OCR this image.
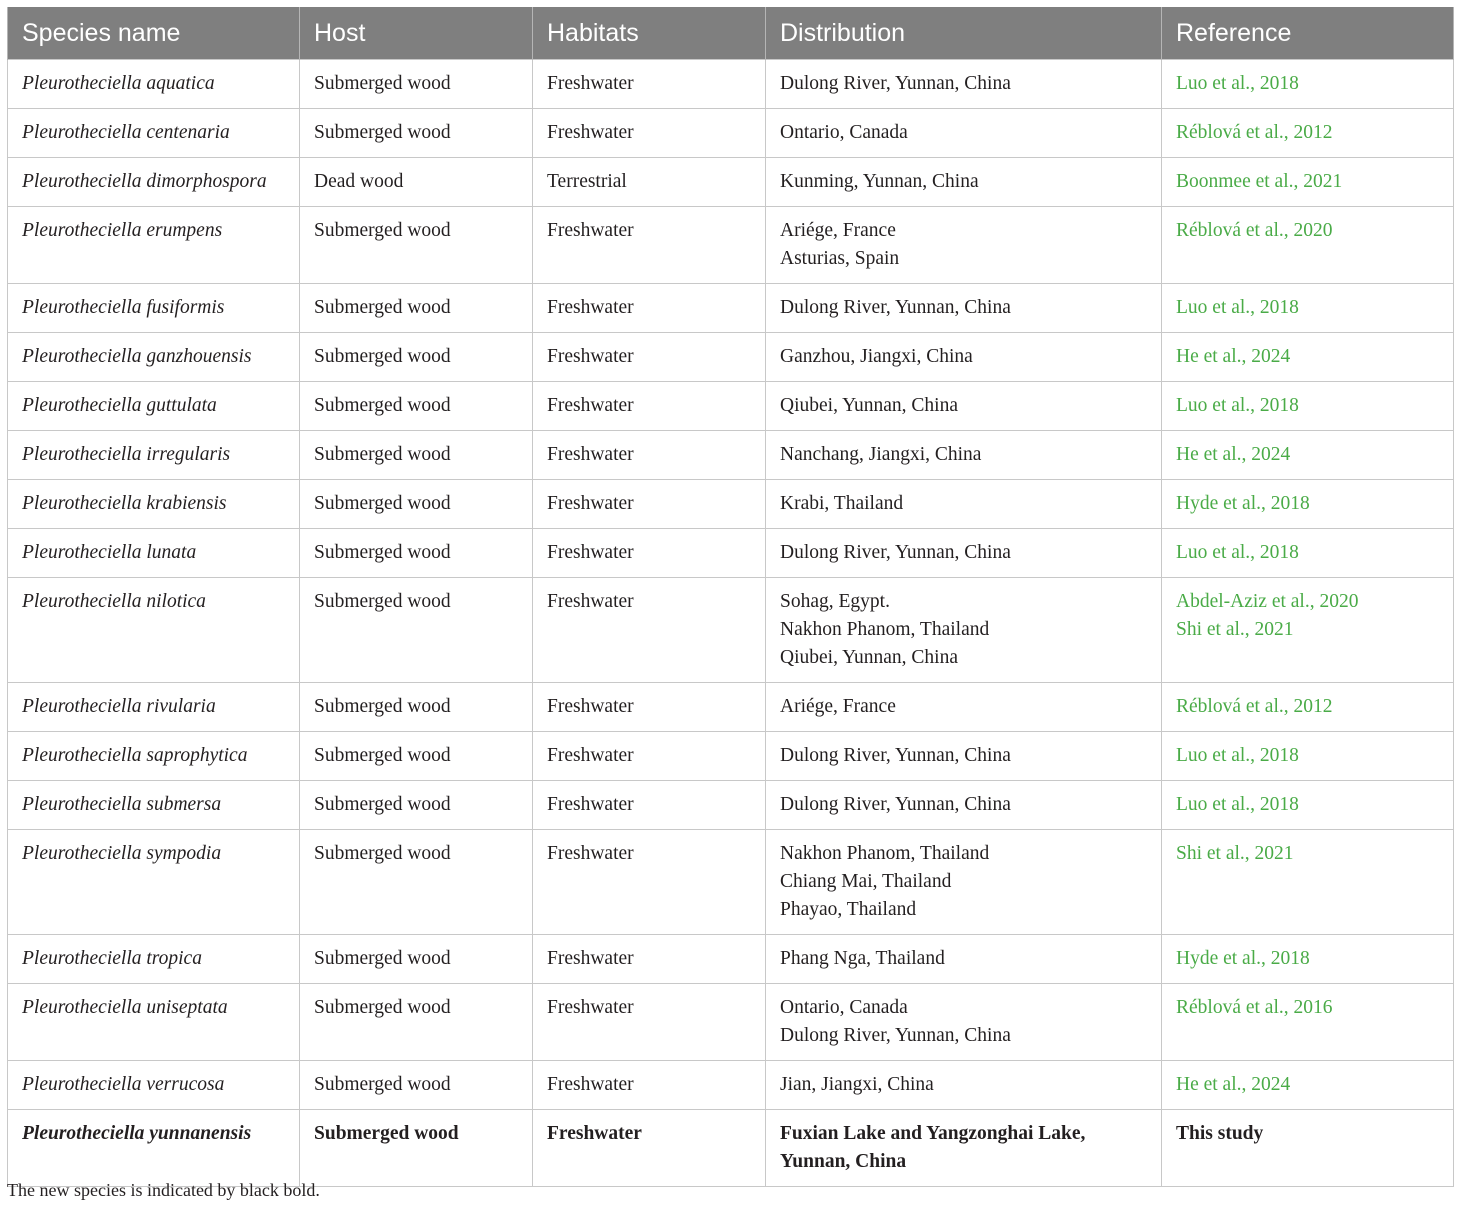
Species name	Host	Habitats	Distribution	Reference
Pleurotheciella aquatica	Submerged wood	Freshwater	Dulong River, Yunnan, China	Luo et al., 2018

Pleurotheciella centenaria	Submerged wood	Freshwater	Ontario, Canada	Réblová et al., 2012

Pleurotheciella dimorphospora	Dead wood	Terrestrial	Kunming, Yunnan, China	Boonmee et al., 2021

Pleurotheciella erumpens	Submerged wood	Freshwater	Ariége, France
Asturias, Spain	Réblová et al., 2020

Pleurotheciella fusiformis	Submerged wood	Freshwater	Dulong River, Yunnan, China	Luo et al., 2018

Pleurotheciella ganzhouensis	Submerged wood	Freshwater	Ganzhou, Jiangxi, China	He et al., 2024

Pleurotheciella guttulata	Submerged wood	Freshwater	Qiubei, Yunnan, China	Luo et al., 2018

Pleurotheciella irregularis	Submerged wood	Freshwater	Nanchang, Jiangxi, China	He et al., 2024

Pleurotheciella krabiensis	Submerged wood	Freshwater	Krabi, Thailand	Hyde et al., 2018

Pleurotheciella lunata	Submerged wood	Freshwater	Dulong River, Yunnan, China	Luo et al., 2018

Pleurotheciella nilotica	Submerged wood	Freshwater	Sohag, Egypt.
Nakhon Phanom, Thailand
Qiubei, Yunnan, China	Abdel-Aziz et al., 2020
Shi et al., 2021

Pleurotheciella rivularia	Submerged wood	Freshwater	Ariége, France	Réblová et al., 2012

Pleurotheciella saprophytica	Submerged wood	Freshwater	Dulong River, Yunnan, China	Luo et al., 2018

Pleurotheciella submersa	Submerged wood	Freshwater	Dulong River, Yunnan, China	Luo et al., 2018

Pleurotheciella sympodia	Submerged wood	Freshwater	Nakhon Phanom, Thailand
Chiang Mai, Thailand
Phayao, Thailand	Shi et al., 2021

Pleurotheciella tropica	Submerged wood	Freshwater	Phang Nga, Thailand	Hyde et al., 2018

Pleurotheciella uniseptata	Submerged wood	Freshwater	Ontario, Canada
Dulong River, Yunnan, China	Réblová et al., 2016

Pleurotheciella verrucosa	Submerged wood	Freshwater	Jian, Jiangxi, China	He et al., 2024

Pleurotheciella yunnanensis	Submerged wood	Freshwater	Fuxian Lake and Yangzonghai Lake,
Yunnan, China	This study
The new species is indicated by black bold.
